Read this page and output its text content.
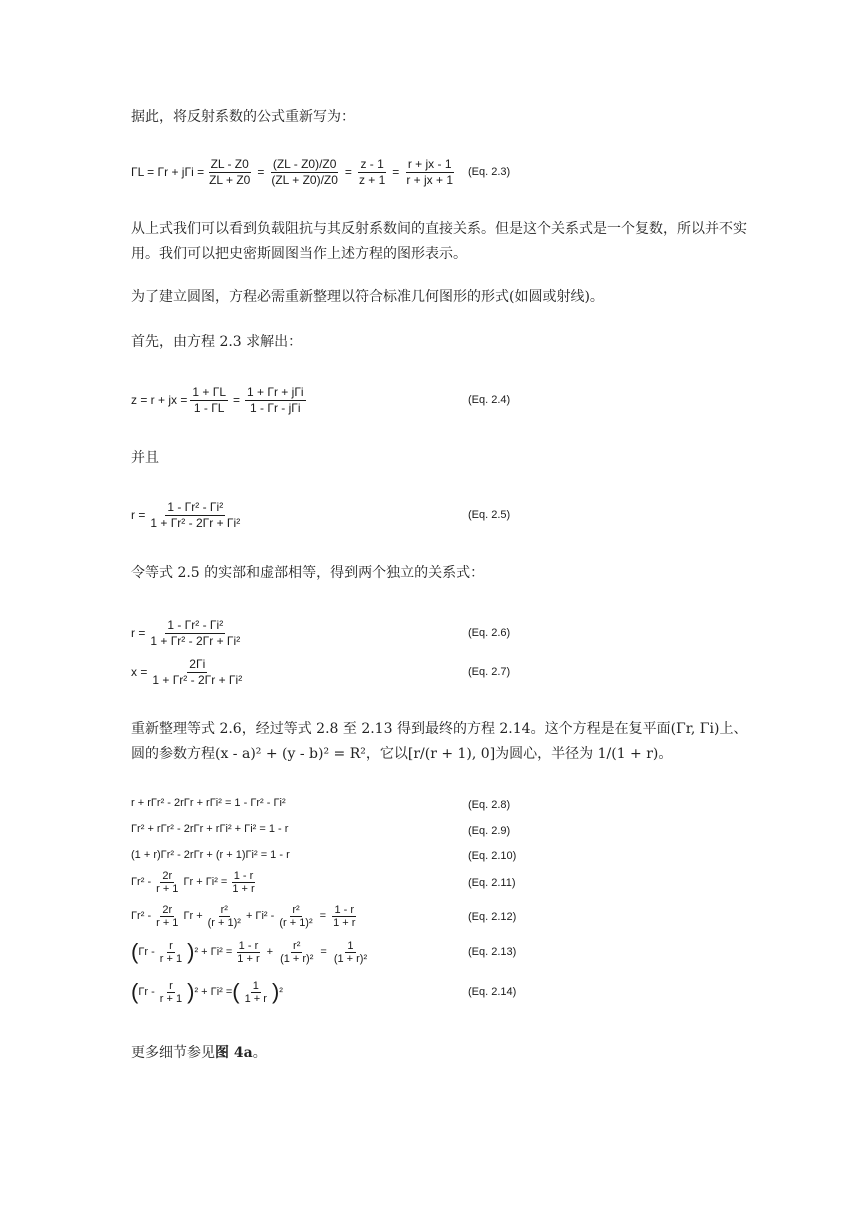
据此，将反射系数的公式重新写为：

$\Gamma L = \Gamma r + j\Gamma i = \frac{ZL - Z0}{ZL + Z0} = \frac{(ZL - Z0)/Z0}{(ZL + Z0)/Z0} = \frac{z - 1}{z + 1} = \frac{r + jx - 1}{r + jx + 1} (Eq$. 2.3)

从上式我们可以看到负载阻抗与其反射系数间的直接关系。但是这个关系式是一个复数，所以并不实用。我们可以把史密斯圆图当作上述方程的图形表示。

为了建立圆图，方程必需重新整理以符合标准几何图形的形式(如圆或射线)。

首先，由方程 2.3 求解出：

z = r + jx = $\frac{1 + \Gamma L}{1 - \Gamma L} = \frac{\text{1 + Γr + jΓi}}{\text{1 - Γr - jΓi}}$	(Eq. 2.4)

并且

$r = \frac{\text{1 - Γr² - Γi²}}{\text{1 + Γr² - 2Γr + Γi²}}$	(Eq. 2.5)

令等式 2.5 的实部和虚部相等，得到两个独立的关系式：

$r = \frac{\text{1 - Γr² - Γi²}}{\text{1 + Γr² - 2Γr + Γi²}}$	(Eq. 2.6)
$x = \frac{2\Gamma i}{\text{1 + Γr² - 2Γr + Γi²}}$	(Eq. 2.7)

重新整理等式 2.6，经过等式 2.8 至 2.13 得到最终的方程 2.14。这个方程是在复平面(Γr, Γi)上、圆的参数方程(x - a)² + (y - b)² = R²，它以[r/(r + 1), 0]为圆心，半径为 1/(1 + r)。

r + rΓr² - 2rΓr + rΓi² = 1 - Γr² - Γi²	(Eq. 2.8)
Γr² + rΓr² - 2rΓr + rΓi² + Γi² = 1 - r	(Eq. 2.9)
(1 + r)Γr² - 2rΓr + (r + 1)Γi² = 1 - r	(Eq. 2.10)
$\Gamma r^2 - \frac{2r}{r + 1}$ $\Gamma r + \Gamma i^2 = \frac{1 - r}{1 + r}$	(Eq. 2.11)
$\Gamma r^2 - \frac{2r}{r + 1}$ $\Gamma r + \frac{\text{r²}}{\text{(r + 1)²}} + \Gamma i^2 - \frac{\text{r²}}{\text{(r + 1)²}} = \frac{1 - r}{1 + r}$	(Eq. 2.12)
( Γr - $\frac{r}{r + 1}$ ) $^2 + \Gamma i^2 = \frac{1 - r}{1 + r} + \frac{\text{r²}}{\text{(1 + r)²}} = \frac{1}{\text{(1 + r)²}}$	(Eq. 2.13)
( Γr - $\frac{r}{r + 1}$ ) ² + Γi² = ( $\frac{1}{1 + r}$ ) ²	(Eq. 2.14)

更多细节参见图 4a。
